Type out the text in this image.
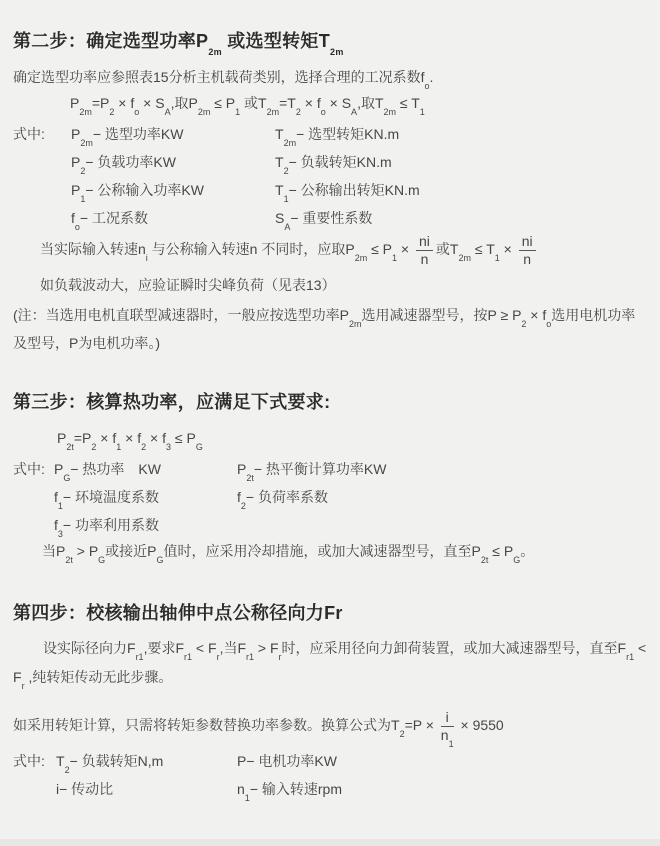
第二步：确定选型功率$P_{2m}$ 或选型转矩$T_{2m}$

确定选型功率应参照表15分析主机载荷类别，选择合理的工况系数$f_o$.

$P_{2m}=P_2 \times f_o \times S_A$,取$P_{2m} \le P_1$ 或$T_{2m}=T_2 \times f_o \times S_A$,取$T_{2m} \le T_1$

式中:	$P_{2m}-$ 选型功率KW	$T_{2m}-$ 选型转矩KN.m
$P_2-$ 负载功率KW	$T_2-$ 负载转矩KN.m
$P_1-$ 公称输入功率KW	$T_1-$ 公称输出转矩KN.m
$f_o-$ 工况系数	$S_A-$ 重要性系数

当实际输入转速$n_i$ 与公称输入转速n 不同时，应取$P_{2m} \le P_1 \times \frac{ni}{n}$ 或$T_{2m} \le T_1 \times \frac{ni}{n}$

如负载波动大，应验证瞬时尖峰负荷（见表13）

(注：当选用电机直联型减速器时，一般应按选型功率$P_{2m}$选用减速器型号，按$P \ge P_2 \times f_o$选用电机功率及型号，P为电机功率。)

第三步：核算热功率，应满足下式要求:

$P_{2t}=P_2 \times f_1 \times f_2 \times f_3 \le P_G$

式中: $P_G-$ 热功率　KW	$P_{2t}-$ 热平衡计算功率KW
$f_1-$ 环境温度系数	$f_2-$ 负荷率系数
$f_3-$ 功率利用系数

当$P_{2t} > P_G$或接近$P_G$值时，应采用冷却措施，或加大减速器型号，直至$P_{2t} \le P_G$。

第四步：校核输出轴伸中点公称径向力Fr

设实际径向力$F_{r1}$,要求$F_{r1} < F_r$,当$F_{r1} > F_r$时，应采用径向力卸荷装置，或加大减速器型号，直至$F_{r1} < F_r$ ,纯转矩传动无此步骤。

如采用转矩计算，只需将转矩参数替换功率参数。换算公式为$T_2=P \times \frac{i}{n_1} \times 9550$

式中: $T_2-$ 负载转矩N,m	P− 电机功率KW
i− 传动比	$n_1-$ 输入转速rpm
